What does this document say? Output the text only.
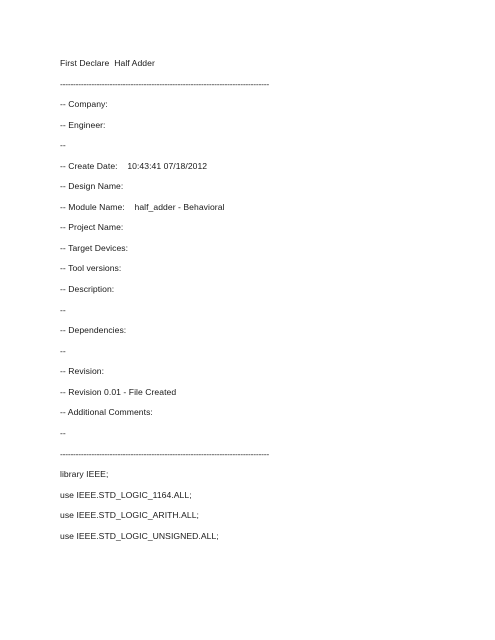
First Declare  Half Adder
--------------------------------------------------------------------------------
-- Company:
-- Engineer:
--
-- Create Date:    10:43:41 07/18/2012
-- Design Name:
-- Module Name:    half_adder - Behavioral
-- Project Name:
-- Target Devices:
-- Tool versions:
-- Description:
--
-- Dependencies:
--
-- Revision:
-- Revision 0.01 - File Created
-- Additional Comments:
--
--------------------------------------------------------------------------------
library IEEE;
use IEEE.STD_LOGIC_1164.ALL;
use IEEE.STD_LOGIC_ARITH.ALL;
use IEEE.STD_LOGIC_UNSIGNED.ALL;
